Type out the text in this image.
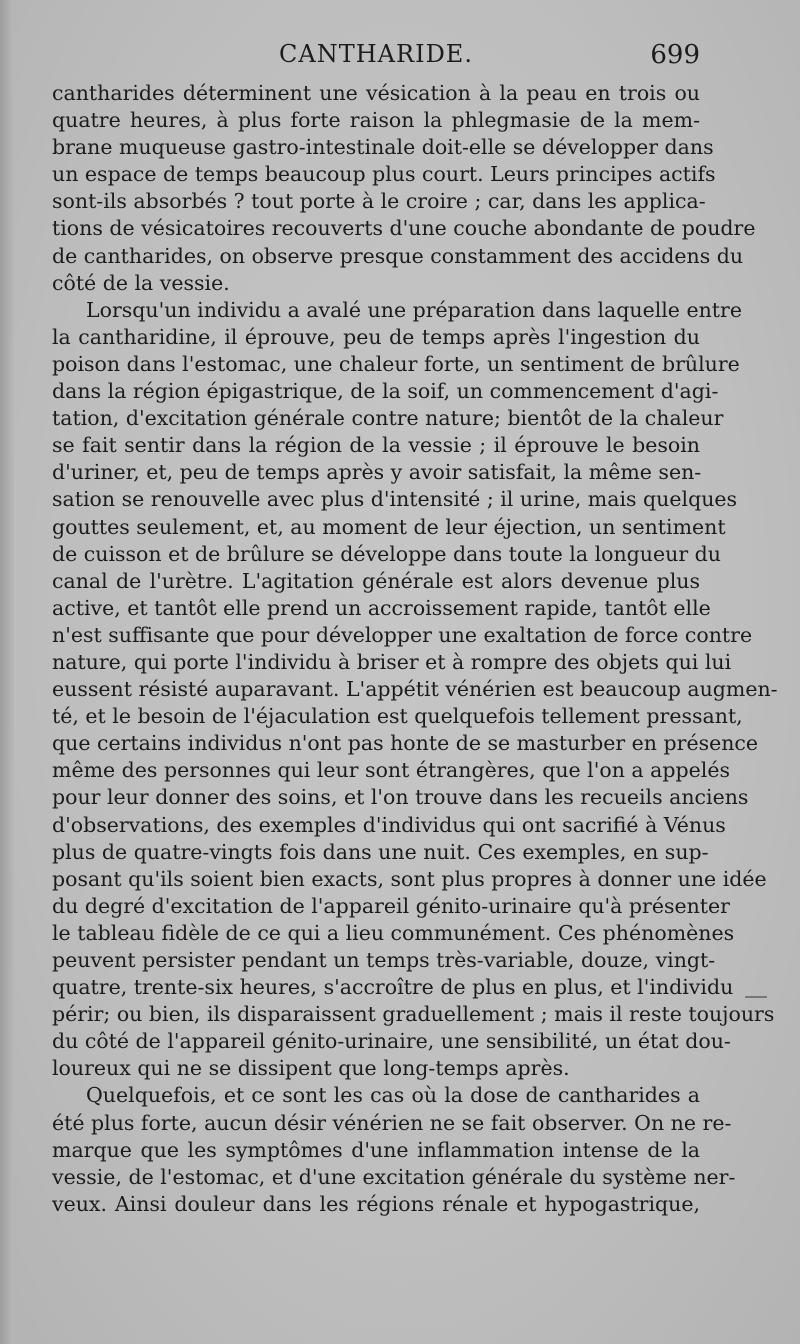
CANTHARIDE.	699
cantharides déterminent une vésication à la peau en trois ou
quatre heures, à plus forte raison la phlegmasie de la mem-
brane muqueuse gastro-intestinale doit-elle se développer dans
un espace de temps beaucoup plus court. Leurs principes actifs
sont-ils absorbés ? tout porte à le croire ; car, dans les applica-
tions de vésicatoires recouverts d'une couche abondante de poudre
de cantharides, on observe presque constamment des accidens du
côté de la vessie.
Lorsqu'un individu a avalé une préparation dans laquelle entre
la cantharidine, il éprouve, peu de temps après l'ingestion du
poison dans l'estomac, une chaleur forte, un sentiment de brûlure
dans la région épigastrique, de la soif, un commencement d'agi-
tation, d'excitation générale contre nature; bientôt de la chaleur
se fait sentir dans la région de la vessie ; il éprouve le besoin
d'uriner, et, peu de temps après y avoir satisfait, la même sen-
sation se renouvelle avec plus d'intensité ; il urine, mais quelques
gouttes seulement, et, au moment de leur éjection, un sentiment
de cuisson et de brûlure se développe dans toute la longueur du
canal de l'urètre. L'agitation générale est alors devenue plus
active, et tantôt elle prend un accroissement rapide, tantôt elle
n'est suffisante que pour développer une exaltation de force contre
nature, qui porte l'individu à briser et à rompre des objets qui lui
eussent résisté auparavant. L'appétit vénérien est beaucoup augmen-
té, et le besoin de l'éjaculation est quelquefois tellement pressant,
que certains individus n'ont pas honte de se masturber en présence
même des personnes qui leur sont étrangères, que l'on a appelés
pour leur donner des soins, et l'on trouve dans les recueils anciens
d'observations, des exemples d'individus qui ont sacrifié à Vénus
plus de quatre-vingts fois dans une nuit. Ces exemples, en sup-
posant qu'ils soient bien exacts, sont plus propres à donner une idée
du degré d'excitation de l'appareil génito-urinaire qu'à présenter
le tableau fidèle de ce qui a lieu communément. Ces phénomènes
peuvent persister pendant un temps très-variable, douze, vingt-
quatre, trente-six heures, s'accroître de plus en plus, et l'individu
périr; ou bien, ils disparaissent graduellement ; mais il reste toujours
du côté de l'appareil génito-urinaire, une sensibilité, un état dou-
loureux qui ne se dissipent que long-temps après.
Quelquefois, et ce sont les cas où la dose de cantharides a
été plus forte, aucun désir vénérien ne se fait observer. On ne re-
marque que les symptômes d'une inflammation intense de la
vessie, de l'estomac, et d'une excitation générale du système ner-
veux. Ainsi douleur dans les régions rénale et hypogastrique,
